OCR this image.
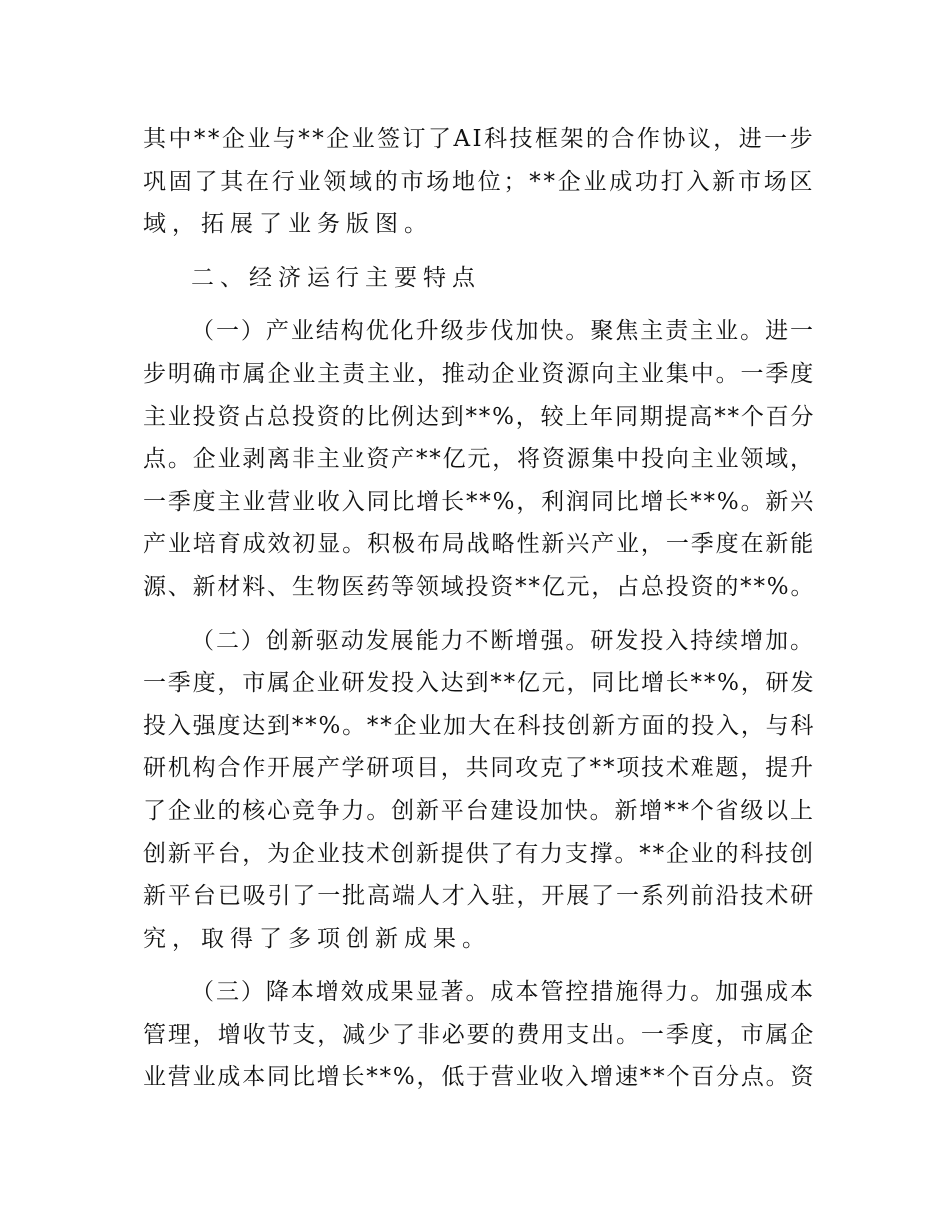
其中**企业与**企业签订了AI科技框架的合作协议，进一步
巩固了其在行业领域的市场地位；**企业成功打入新市场区
域，拓展了业务版图。
二、经济运行主要特点
（一）产业结构优化升级步伐加快。聚焦主责主业。进一
步明确市属企业主责主业，推动企业资源向主业集中。一季度
主业投资占总投资的比例达到**%，较上年同期提高**个百分
点。企业剥离非主业资产**亿元，将资源集中投向主业领域，
一季度主业营业收入同比增长**%，利润同比增长**%。新兴
产业培育成效初显。积极布局战略性新兴产业，一季度在新能
源、新材料、生物医药等领域投资**亿元，占总投资的**%。
（二）创新驱动发展能力不断增强。研发投入持续增加。
一季度，市属企业研发投入达到**亿元，同比增长**%，研发
投入强度达到**%。**企业加大在科技创新方面的投入，与科
研机构合作开展产学研项目，共同攻克了**项技术难题，提升
了企业的核心竞争力。创新平台建设加快。新增**个省级以上
创新平台，为企业技术创新提供了有力支撑。**企业的科技创
新平台已吸引了一批高端人才入驻，开展了一系列前沿技术研
究，取得了多项创新成果。
（三）降本增效成果显著。成本管控措施得力。加强成本
管理，增收节支，减少了非必要的费用支出。一季度，市属企
业营业成本同比增长**%，低于营业收入增速**个百分点。资
